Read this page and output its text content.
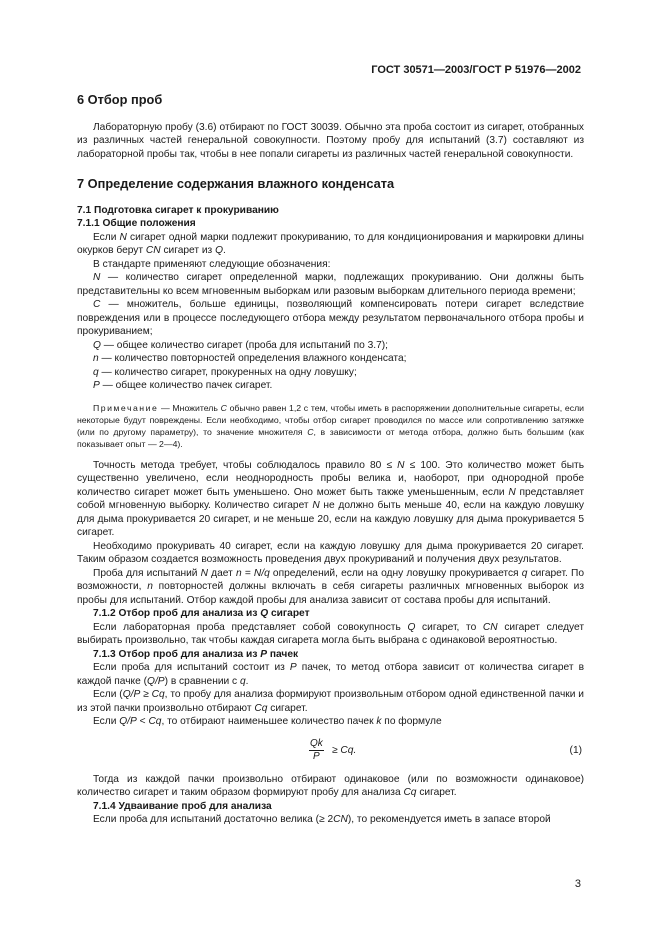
ГОСТ 30571—2003/ГОСТ Р 51976—2002
6 Отбор проб

Лабораторную пробу (3.6) отбирают по ГОСТ 30039. Обычно эта проба состоит из сигарет, отобранных из различных частей генеральной совокупности. Поэтому пробу для испытаний (3.7) составляют из лабораторной пробы так, чтобы в нее попали сигареты из различных частей генеральной совокупности.

7 Определение содержания влажного конденсата

7.1 Подготовка сигарет к прокуриванию

7.1.1 Общие положения

Если N сигарет одной марки подлежит прокуриванию, то для кондиционирования и маркировки длины окурков берут CN сигарет из Q.

В стандарте применяют следующие обозначения:

N — количество сигарет определенной марки, подлежащих прокуриванию. Они должны быть представительны ко всем мгновенным выборкам или разовым выборкам длительного периода времени;

C — множитель, больше единицы, позволяющий компенсировать потери сигарет вследствие повреждения или в процессе последующего отбора между результатом первоначального отбора пробы и прокуриванием;

Q — общее количество сигарет (проба для испытаний по 3.7);

n — количество повторностей определения влажного конденсата;

q — количество сигарет, прокуренных на одну ловушку;

P — общее количество пачек сигарет.

Примечание — Множитель C обычно равен 1,2 с тем, чтобы иметь в распоряжении дополнительные сигареты, если некоторые будут повреждены. Если необходимо, чтобы отбор сигарет проводился по массе или сопротивлению затяжке (или по другому параметру), то значение множителя C, в зависимости от метода отбора, должно быть большим (как показывает опыт — 2—4).

Точность метода требует, чтобы соблюдалось правило 80 ≤ N ≤ 100. Это количество может быть существенно увеличено, если неоднородность пробы велика и, наоборот, при однородной пробе количество сигарет может быть уменьшено. Оно может быть также уменьшенным, если N представляет собой мгновенную выборку. Количество сигарет N не должно быть меньше 40, если на каждую ловушку для дыма прокуривается 20 сигарет, и не меньше 20, если на каждую ловушку для дыма прокуривается 5 сигарет.

Необходимо прокуривать 40 сигарет, если на каждую ловушку для дыма прокуривается 20 сигарет. Таким образом создается возможность проведения двух прокуриваний и получения двух результатов.

Проба для испытаний N дает n = N/q определений, если на одну ловушку прокуривается q сигарет. По возможности, n повторностей должны включать в себя сигареты различных мгновенных выборок из пробы для испытаний. Отбор каждой пробы для анализа зависит от состава пробы для испытаний.

7.1.2 Отбор проб для анализа из Q сигарет

Если лабораторная проба представляет собой совокупность Q сигарет, то CN сигарет следует выбирать произвольно, так чтобы каждая сигарета могла быть выбрана с одинаковой вероятностью.

7.1.3 Отбор проб для анализа из P пачек

Если проба для испытаний состоит из P пачек, то метод отбора зависит от количества сигарет в каждой пачке (Q/P) в сравнении с q.

Если (Q/P ≥ Cq, то пробу для анализа формируют произвольным отбором одной единственной пачки и из этой пачки произвольно отбирают Cq сигарет.

Если Q/P < Cq, то отбирают наименьшее количество пачек k по формуле

$\frac{Qk}{P} \ge Cq$.	(1)

Тогда из каждой пачки произвольно отбирают одинаковое (или по возможности одинаковое) количество сигарет и таким образом формируют пробу для анализа Cq сигарет.

7.1.4 Удваивание проб для анализа

Если проба для испытаний достаточно велика (≥ 2CN), то рекомендуется иметь в запасе второй

3
